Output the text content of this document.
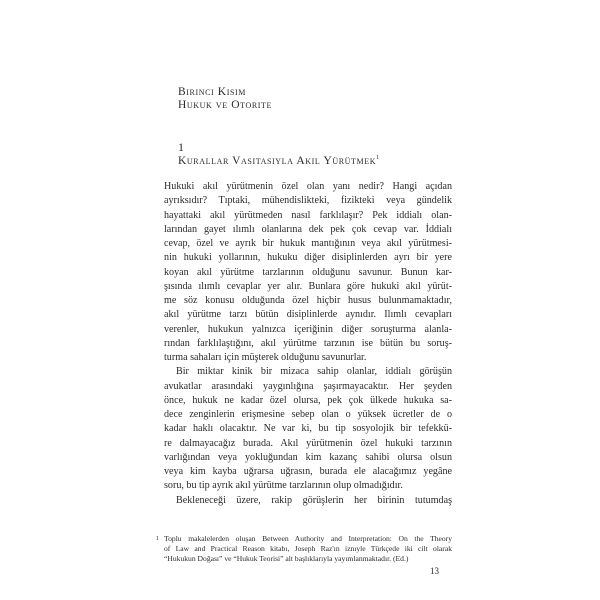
Birinci Kısım
Hukuk ve Otorite
1
Kurallar Vasıtasıyla Akıl Yürütmek$^1$

Hukuki akıl yürütmenin özel olan yanı nedir? Hangi açıdan
ayrıksıdır? Tıptaki, mühendislikteki, fizikteki veya gündelik
hayattaki akıl yürütmeden nasıl farklılaşır? Pek iddialı olan-
larından gayet ılımlı olanlarına dek pek çok cevap var. İddialı
cevap, özel ve ayrık bir hukuk mantığının veya akıl yürütmesi-
nin hukuki yollarının, hukuku diğer disiplinlerden ayrı bir yere
koyan akıl yürütme tarzlarının olduğunu savunur. Bunun kar-
şısında ılımlı cevaplar yer alır. Bunlara göre hukuki akıl yürüt-
me söz konusu olduğunda özel hiçbir husus bulunmamaktadır,
akıl yürütme tarzı bütün disiplinlerde aynıdır. Ilımlı cevapları
verenler, hukukun yalnızca içeriğinin diğer soruşturma alanla-
rından farklılaştığını, akıl yürütme tarzının ise bütün bu soruş-
turma sahaları için müşterek olduğunu savunurlar.

Bir miktar kinik bir mizaca sahip olanlar, iddialı görüşün
avukatlar arasındaki yaygınlığına şaşırmayacaktır. Her şeyden
önce, hukuk ne kadar özel olursa, pek çok ülkede hukuka sa-
dece zenginlerin erişmesine sebep olan o yüksek ücretler de o
kadar haklı olacaktır. Ne var ki, bu tip sosyolojik bir tefekkü-
re dalmayacağız burada. Akıl yürütmenin özel hukuki tarzının
varlığından veya yokluğundan kim kazanç sahibi olursa olsun
veya kim kayba uğrarsa uğrasın, burada ele alacağımız yegâne
soru, bu tip ayrık akıl yürütme tarzlarının olup olmadığıdır.

Bekleneceği üzere, rakip görüşlerin her birinin tutumdaş

1 Toplu makalelerden oluşan Between Authority and Interpretation: On the Theory
of Law and Practical Reason kitabı, Joseph Raz'ın iznıyle Türkçede iki cilt olarak
“Hukukun Doğası” ve “Hukuk Teorisi” alt başlıklarıyla yayımlanmaktadır. (Ed.)
13
